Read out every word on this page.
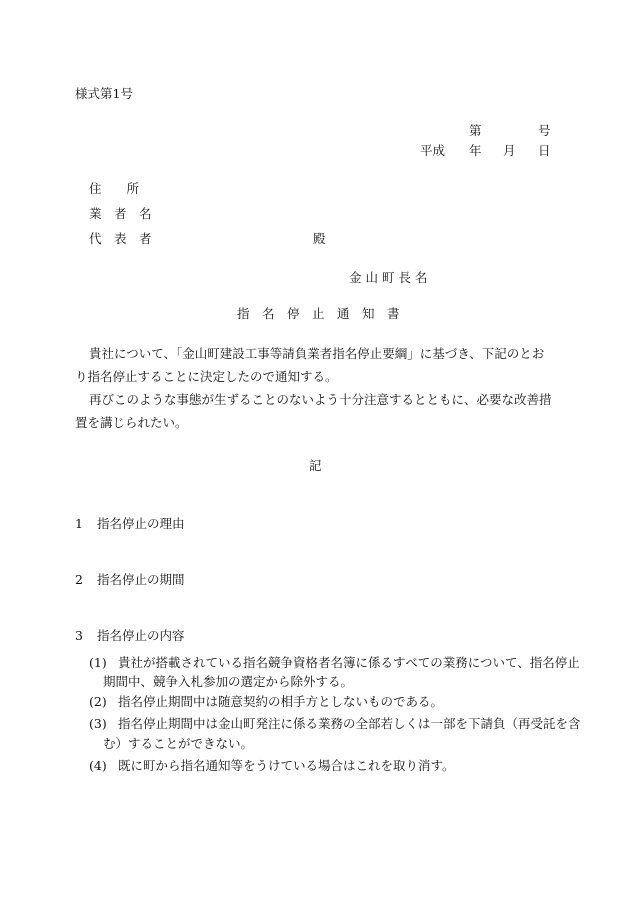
様式第1号
第	号
平成 年 月 日
住　　所
業　者　名
代　表　者	殿
金 山 町 長 名
指　名　停　止　通　知　書
貴社について、「金山町建設工事等請負業者指名停止要綱」に基づき、下記のとおり指名停止することに決定したので通知する。
再びこのような事態が生ずることのないよう十分注意するとともに、必要な改善措置を講じられたい。
記
1 指名停止の理由
2 指名停止の期間
3 指名停止の内容
(1) 貴社が搭載されている指名競争資格者名簿に係るすべての業務について、指名停止
期間中、競争入札参加の選定から除外する。
(2) 指名停止期間中は随意契約の相手方としないものである。
(3) 指名停止期間中は金山町発注に係る業務の全部若しくは一部を下請負（再受託を含
む）することができない。
(4) 既に町から指名通知等をうけている場合はこれを取り消す。
